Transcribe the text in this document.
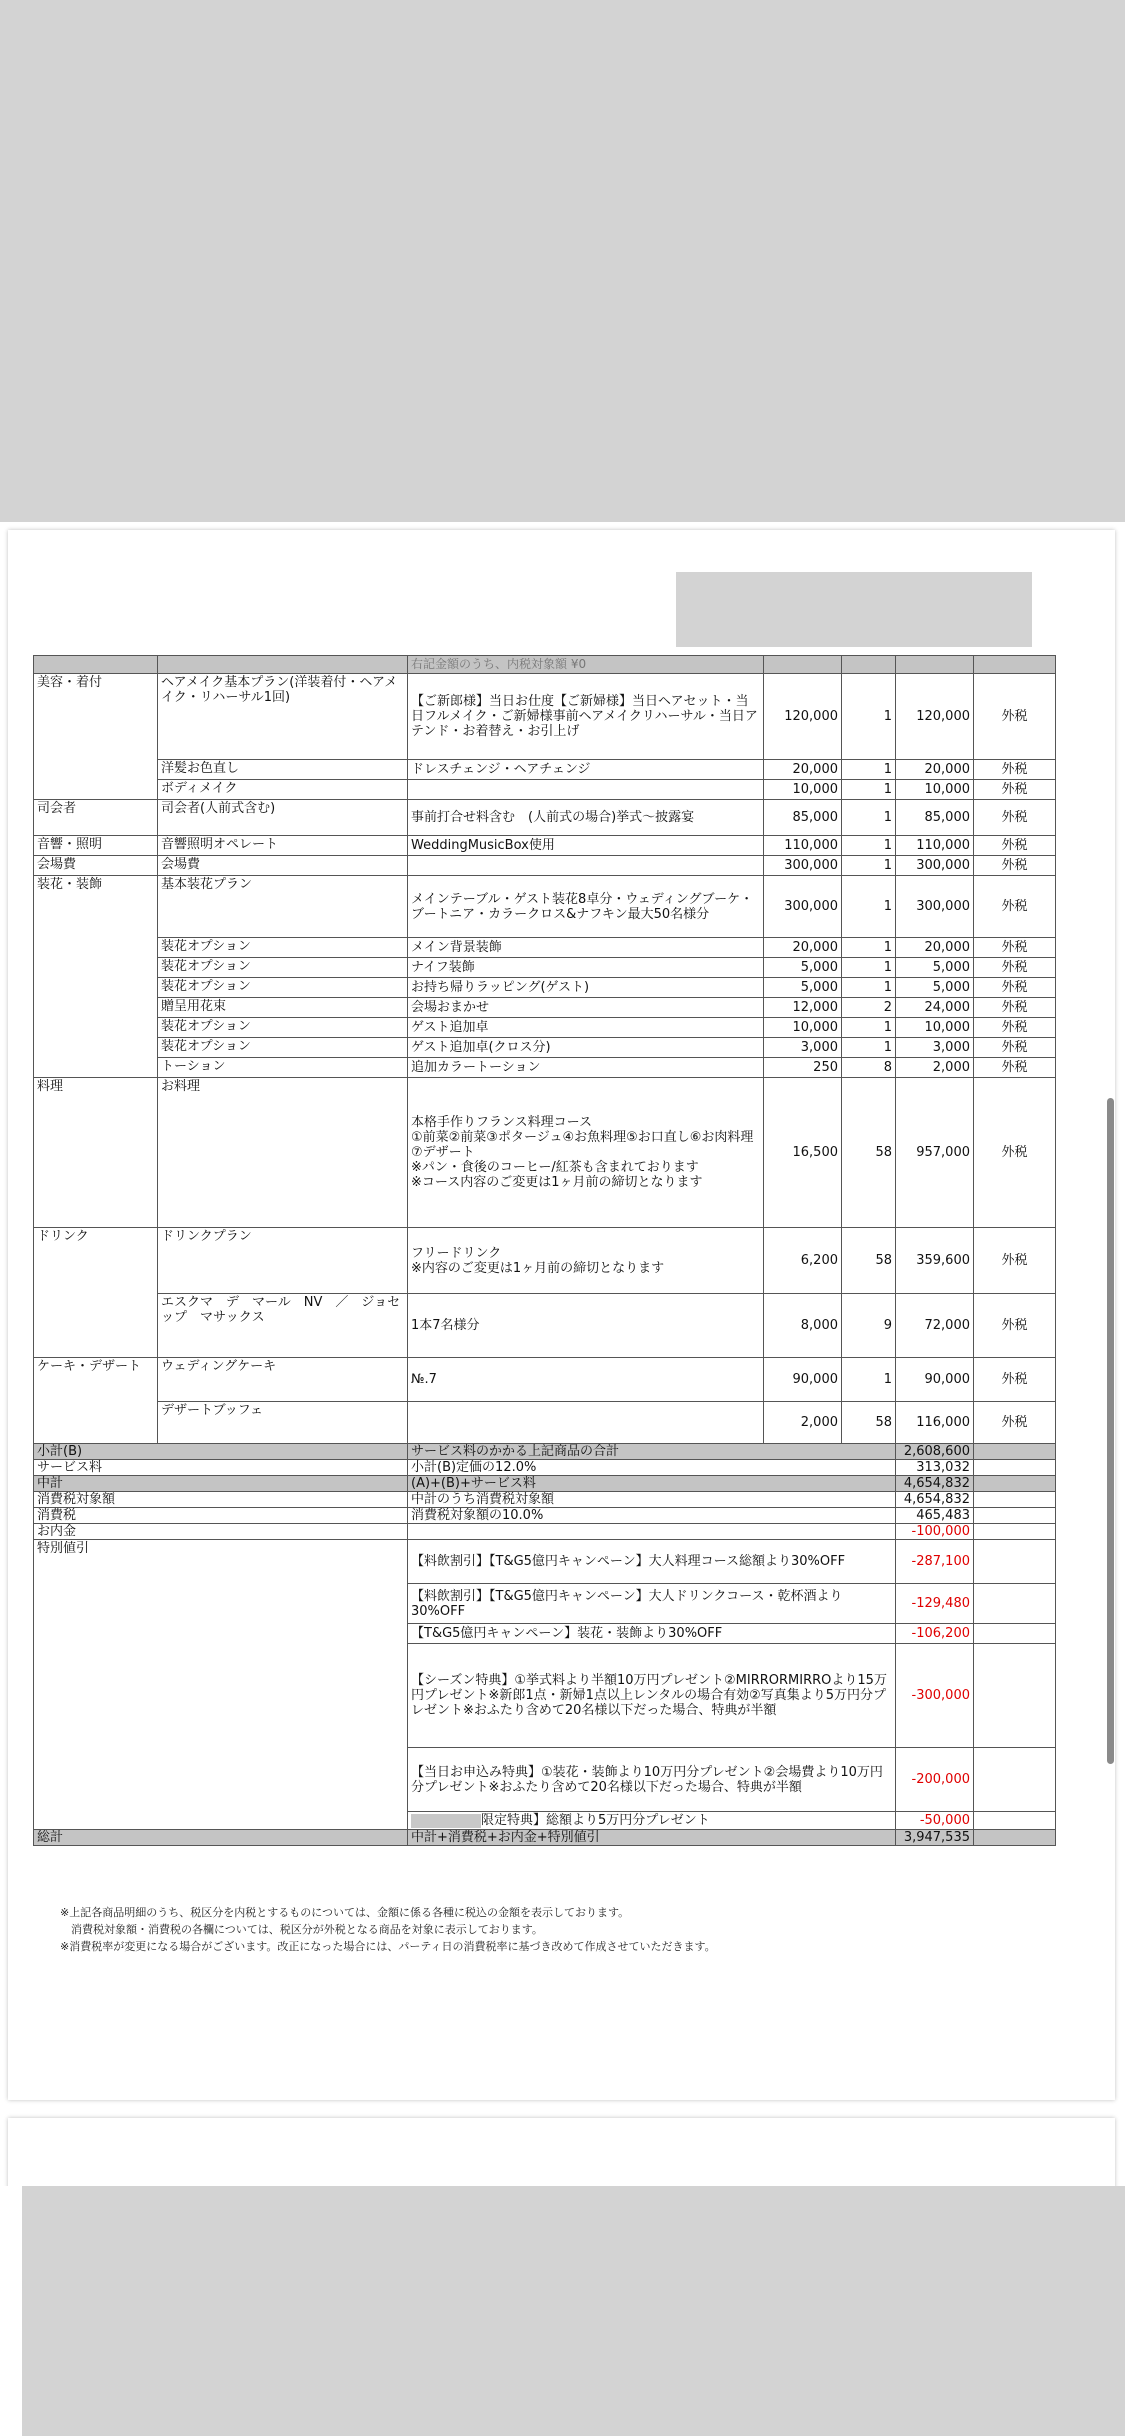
		右記金額のうち、内税対象額 ¥0				
美容・着付	ヘアメイク基本プラン(洋装着付・ヘアメイク・リハーサル1回)	【ご新郎様】当日お仕度【ご新婦様】当日ヘアセット・当日フルメイク・ご新婦様事前ヘアメイクリハーサル・当日アテンド・お着替え・お引上げ	120,000	1	120,000	外税
	洋髪お色直し	ドレスチェンジ・ヘアチェンジ	20,000	1	20,000	外税
	ボディメイク		10,000	1	10,000	外税
司会者	司会者(人前式含む)	事前打合せ料含む　(人前式の場合)挙式〜披露宴	85,000	1	85,000	外税
音響・照明	音響照明オペレート	WeddingMusicBox使用	110,000	1	110,000	外税
会場費	会場費		300,000	1	300,000	外税
装花・装飾	基本装花プラン	メインテーブル・ゲスト装花8卓分・ウェディングブーケ・ブートニア・カラークロス&ナフキン最大50名様分	300,000	1	300,000	外税
	装花オプション	メイン背景装飾	20,000	1	20,000	外税
	装花オプション	ナイフ装飾	5,000	1	5,000	外税
	装花オプション	お持ち帰りラッピング(ゲスト)	5,000	1	5,000	外税
	贈呈用花束	会場おまかせ	12,000	2	24,000	外税
	装花オプション	ゲスト追加卓	10,000	1	10,000	外税
	装花オプション	ゲスト追加卓(クロス分)	3,000	1	3,000	外税
	トーション	追加カラートーション	250	8	2,000	外税
料理	お料理	本格手作りフランス料理コース
①前菜②前菜③ポタージュ④お魚料理⑤お口直し⑥お肉料理⑦デザート
※パン・食後のコーヒー/紅茶も含まれております
※コース内容のご変更は1ヶ月前の締切となります	16,500	58	957,000	外税
ドリンク	ドリンクプラン	フリードリンク
※内容のご変更は1ヶ月前の締切となります	6,200	58	359,600	外税
	エスクマ　デ　マール　NV　／　ジョセップ　マサックス	1本7名様分	8,000	9	72,000	外税
ケーキ・デザート	ウェディングケーキ	№.7	90,000	1	90,000	外税
	デザートブッフェ		2,000	58	116,000	外税
小計(B)		サービス料のかかる上記商品の合計			2,608,600	
サービス料		小計(B)定価の12.0%			313,032	
中計		(A)+(B)+サービス料			4,654,832	
消費税対象額		中計のうち消費税対象額			4,654,832	
消費税		消費税対象額の10.0%			465,483	
お内金					-100,000	
特別値引		【料飲割引】【T&G5億円キャンペーン】大人料理コース総額より30%OFF			-287,100	
		【料飲割引】【T&G5億円キャンペーン】大人ドリンクコース・乾杯酒より30%OFF			-129,480	
		【T&G5億円キャンペーン】装花・装飾より30%OFF			-106,200	
		【シーズン特典】①挙式料より半額10万円プレゼント②MIRRORMIRROより15万円プレゼント※新郎1点・新婦1点以上レンタルの場合有効②写真集より5万円分プレゼント※おふたり含めて20名様以下だった場合、特典が半額			-300,000	
		【当日お申込み特典】①装花・装飾より10万円分プレゼント②会場費より10万円分プレゼント※おふたり含めて20名様以下だった場合、特典が半額			-200,000	
		限定特典】総額より5万円分プレゼント			-50,000	
総計		中計+消費税+お内金+特別値引			3,947,535	
※上記各商品明細のうち、税区分を内税とするものについては、金額に係る各種に税込の金額を表示しております。
　消費税対象額・消費税の各欄については、税区分が外税となる商品を対象に表示しております。
※消費税率が変更になる場合がございます。改正になった場合には、パーティ日の消費税率に基づき改めて作成させていただきます。
